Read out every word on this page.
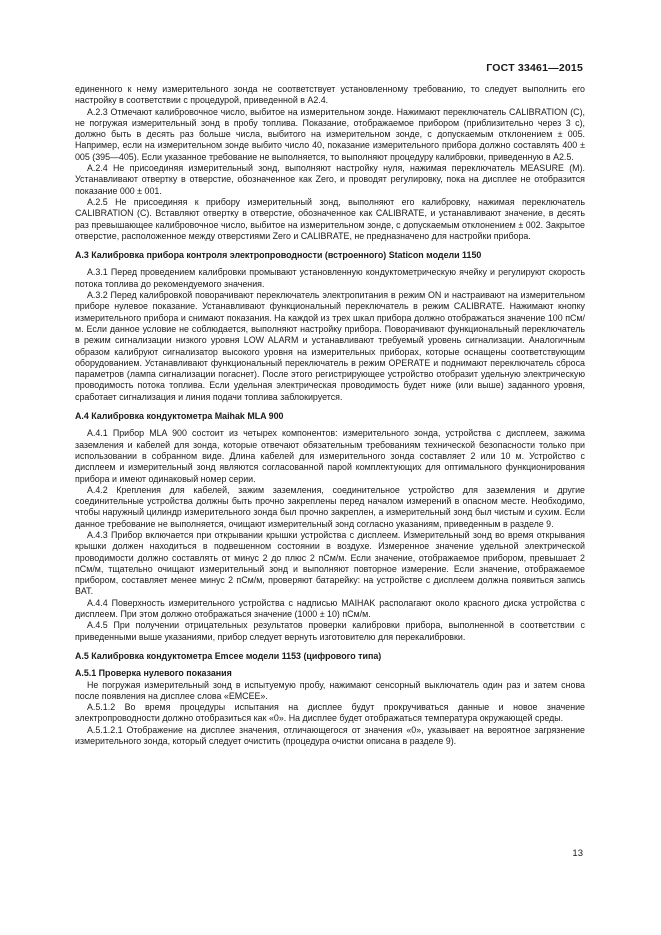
ГОСТ 33461—2015

единенного к нему измерительного зонда не соответствует установленному требованию, то следует выполнить его настройку в соответствии с процедурой, приведенной в А2.4.

А.2.3 Отмечают калибровочное число, выбитое на измерительном зонде. Нажимают переключатель CALIBRATION (С), не погружая измерительный зонд в пробу топлива. Показание, отображаемое прибором (приблизительно через 3 с), должно быть в десять раз больше числа, выбитого на измерительном зонде, с допускаемым отклонением ± 005. Например, если на измерительном зонде выбито число 40, показание измерительного прибора должно составлять 400 ± 005 (395—405). Если указанное требование не выполняется, то выполняют процедуру калибровки, приведенную в А2.5.

А.2.4 Не присоединяя измерительный зонд, выполняют настройку нуля, нажимая переключатель MEASURE (М). Устанавливают отвертку в отверстие, обозначенное как Zero, и проводят регулировку, пока на дисплее не отобразится показание 000 ± 001.

А.2.5 Не присоединяя к прибору измерительный зонд, выполняют его калибровку, нажимая переключатель CALIBRATION (С). Вставляют отвертку в отверстие, обозначенное как CALIBRATE, и устанавливают значение, в десять раз превышающее калибровочное число, выбитое на измерительном зонде, с допускаемым отклонением ± 002. Закрытое отверстие, расположенное между отверстиями Zero и CALIBRATE, не предназначено для настройки прибора.

А.3 Калибровка прибора контроля электропроводности (встроенного) Staticon модели 1150

А.3.1 Перед проведением калибровки промывают установленную кондуктометрическую ячейку и регулируют скорость потока топлива до рекомендуемого значения.

А.3.2 Перед калибровкой поворачивают переключатель электропитания в режим ON и настраивают на измерительном приборе нулевое показание. Устанавливают функциональный переключатель в режим CALIBRATE. Нажимают кнопку измерительного прибора и снимают показания. На каждой из трех шкал прибора должно отображаться значение 100 пСм/м. Если данное условие не соблюдается, выполняют настройку прибора. Поворачивают функциональный переключатель в режим сигнализации низкого уровня LOW ALARM и устанавливают требуемый уровень сигнализации. Аналогичным образом калибруют сигнализатор высокого уровня на измерительных приборах, которые оснащены соответствующим оборудованием. Устанавливают функциональный переключатель в режим OPERATE и поднимают переключатель сброса параметров (лампа сигнализации погаснет). После этого регистрирующее устройство отобразит удельную электрическую проводимость потока топлива. Если удельная электрическая проводимость будет ниже (или выше) заданного уровня, сработает сигнализация и линия подачи топлива заблокируется.

А.4 Калибровка кондуктометра Maihak MLA 900

А.4.1 Прибор MLA 900 состоит из четырех компонентов: измерительного зонда, устройства с дисплеем, зажима заземления и кабелей для зонда, которые отвечают обязательным требованиям технической безопасности только при использовании в собранном виде. Длина кабелей для измерительного зонда составляет 2 или 10 м. Устройство с дисплеем и измерительный зонд являются согласованной парой комплектующих для оптимального функционирования прибора и имеют одинаковый номер серии.

А.4.2 Крепления для кабелей, зажим заземления, соединительное устройство для заземления и другие соединительные устройства должны быть прочно закреплены перед началом измерений в опасном месте. Необходимо, чтобы наружный цилиндр измерительного зонда был прочно закреплен, а измерительный зонд был чистым и сухим. Если данное требование не выполняется, очищают измерительный зонд согласно указаниям, приведенным в разделе 9.

А.4.3 Прибор включается при открывании крышки устройства с дисплеем. Измерительный зонд во время открывания крышки должен находиться в подвешенном состоянии в воздухе. Измеренное значение удельной электрической проводимости должно составлять от минус 2 до плюс 2 пСм/м. Если значение, отображаемое прибором, превышает 2 пСм/м, тщательно очищают измерительный зонд и выполняют повторное измерение. Если значение, отображаемое прибором, составляет менее минус 2 пСм/м, проверяют батарейку: на устройстве с дисплеем должна появиться запись BAT.

А.4.4 Поверхность измерительного устройства с надписью MAIHAK располагают около красного диска устройства с дисплеем. При этом должно отображаться значение (1000 ± 10) пСм/м.

А.4.5 При получении отрицательных результатов проверки калибровки прибора, выполненной в соответствии с приведенными выше указаниями, прибор следует вернуть изготовителю для перекалибровки.

А.5 Калибровка кондуктометра Emcee модели 1153 (цифрового типа)
А.5.1 Проверка нулевого показания

Не погружая измерительный зонд в испытуемую пробу, нажимают сенсорный выключатель один раз и затем снова после появления на дисплее слова «EMCEE».

А.5.1.2 Во время процедуры испытания на дисплее будут прокручиваться данные и новое значение электропроводности должно отобразиться как «0». На дисплее будет отображаться температура окружающей среды.

А.5.1.2.1 Отображение на дисплее значения, отличающегося от значения «0», указывает на вероятное загрязнение измерительного зонда, который следует очистить (процедура очистки описана в разделе 9).

13
